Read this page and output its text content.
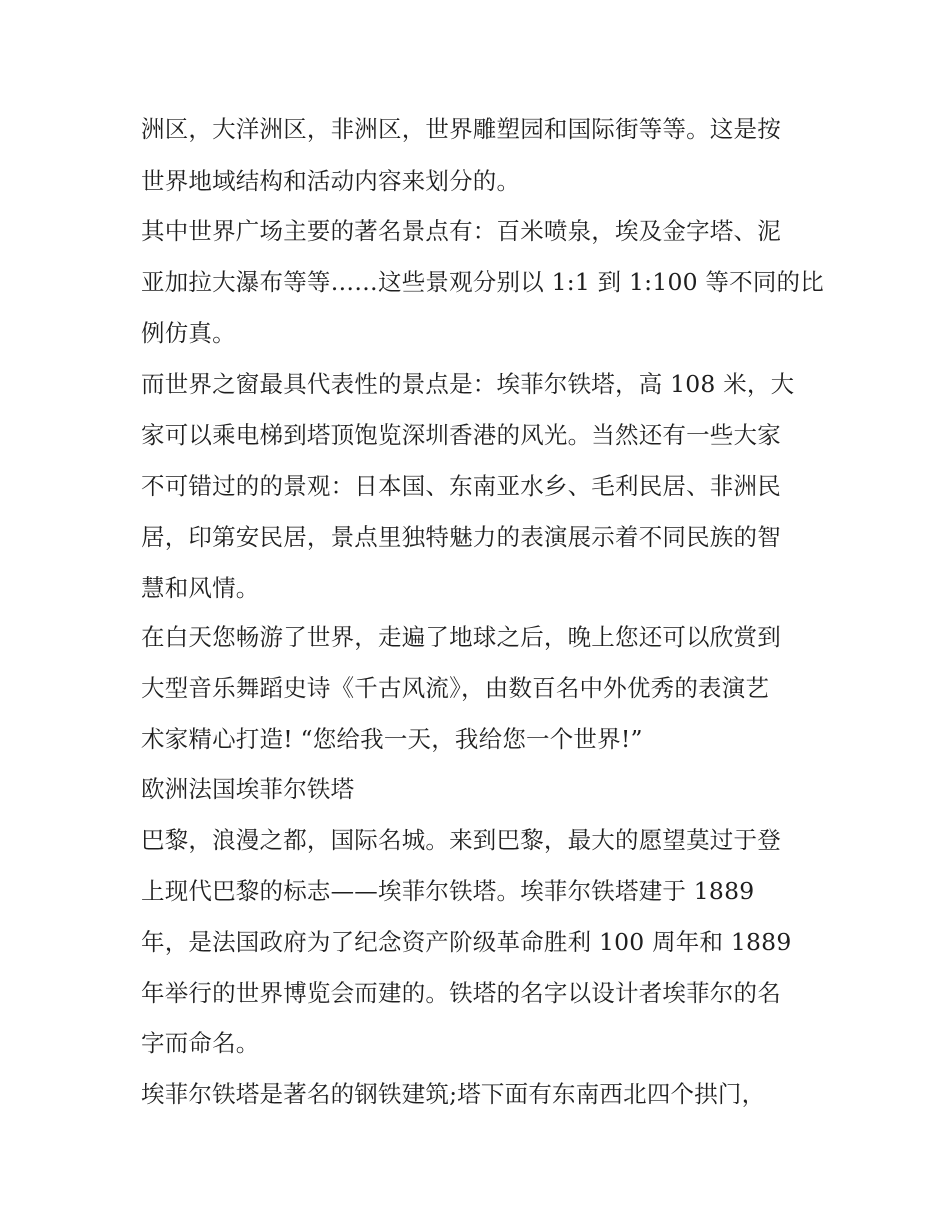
洲区，大洋洲区，非洲区，世界雕塑园和国际街等等。这是按
世界地域结构和活动内容来划分的。
其中世界广场主要的著名景点有：百米喷泉，埃及金字塔、泥
亚加拉大瀑布等等……这些景观分别以 1:1 到 1:100 等不同的比
例仿真。
而世界之窗最具代表性的景点是：埃菲尔铁塔，高 108 米，大
家可以乘电梯到塔顶饱览深圳香港的风光。当然还有一些大家
不可错过的的景观：日本国、东南亚水乡、毛利民居、非洲民
居，印第安民居，景点里独特魅力的表演展示着不同民族的智
慧和风情。
在白天您畅游了世界，走遍了地球之后，晚上您还可以欣赏到
大型音乐舞蹈史诗《千古风流》，由数百名中外优秀的表演艺
术家精心打造! “您给我一天，我给您一个世界!”
欧洲法国埃菲尔铁塔
巴黎，浪漫之都，国际名城。来到巴黎，最大的愿望莫过于登
上现代巴黎的标志——埃菲尔铁塔。埃菲尔铁塔建于 1889
年，是法国政府为了纪念资产阶级革命胜利 100 周年和 1889
年举行的世界博览会而建的。铁塔的名字以设计者埃菲尔的名
字而命名。
埃菲尔铁塔是著名的钢铁建筑;塔下面有东南西北四个拱门，
